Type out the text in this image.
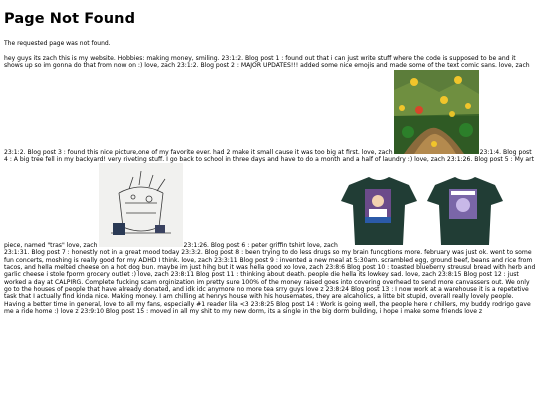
Page Not Found

The requested page was not found.

hey guys its zach this is my website. Hobbies: making money, smiling. 23:1:2. Blog post 1 : found out that i can just write stuff where the code is supposed to be and it shows up so im gonna do that from now on :) love, zach 23:1:2. Blog post 2 : MAJOR UPDATES!!! added some nice emojis and made some of the text comic sans. love, zach 23:1:2. Blog post 3 : found this nice picture,one of my favorite ever. had 2 make it small cause it was too big at first. love, zach	23:1:4. Blog post 4 : A big tree fell in my backyard! very riveting stuff. I go back to school in three days and have to do a month and a half of laundry :) love, zach 23:1:26. Blog post 5 : My art piece, named "tras" love, zach	23:1:26. Blog post 6 : peter griffin tshirt love, zach23:1:31. Blog post 7 : honestly not in a great mood today 23:3:2. Blog post 8 : been trying to do less drugs so my brain funcgtions more. february was just ok. went to some fun concerts, moshing is really good for my ADHD I think. love, zach 23:3:11 Blog post 9 : invented a new meal at 5:30am. scrambled egg, ground beef, beans and rice from tacos, and hella melted cheese on a hot dog bun. maybe im just hihg but it was hella good xo love, zach 23:8:6 Blog post 10 : toasted blueberry streusul bread with herb and garlic cheese i stole fporm grocery outlet :) love, zach 23:8:11 Blog post 11 : thinking about death. people die hella its lowkey sad. love, zach 23:8:15 Blog post 12 : just worked a day at CALPIRG. Complete fucking scam orginization im pretty sure 100% of the money raised goes into covering overhead to send more canvassers out. We only go to the houses of people that have already donated, and idk idc anymore no more tea srry guys love z 23:8:24 Blog post 13 : I now work at a warehouse it is a repetetive task that I actually find kinda nice. Making money. I am chilling at henrys house with his housemates, they are alcaholics, a litte bit stupid, overall really lovely people. Having a better time in general, love to all my fans, especially #1 reader lila <3 23:8:25 Blog post 14 : Work is going well, the people here r chillers, my buddy rodrigo gave me a ride home :) love z 23:9:10 Blog post 15 : moved in all my shit to my new dorm, its a single in the big dorm building, i hope i make some friends love z
